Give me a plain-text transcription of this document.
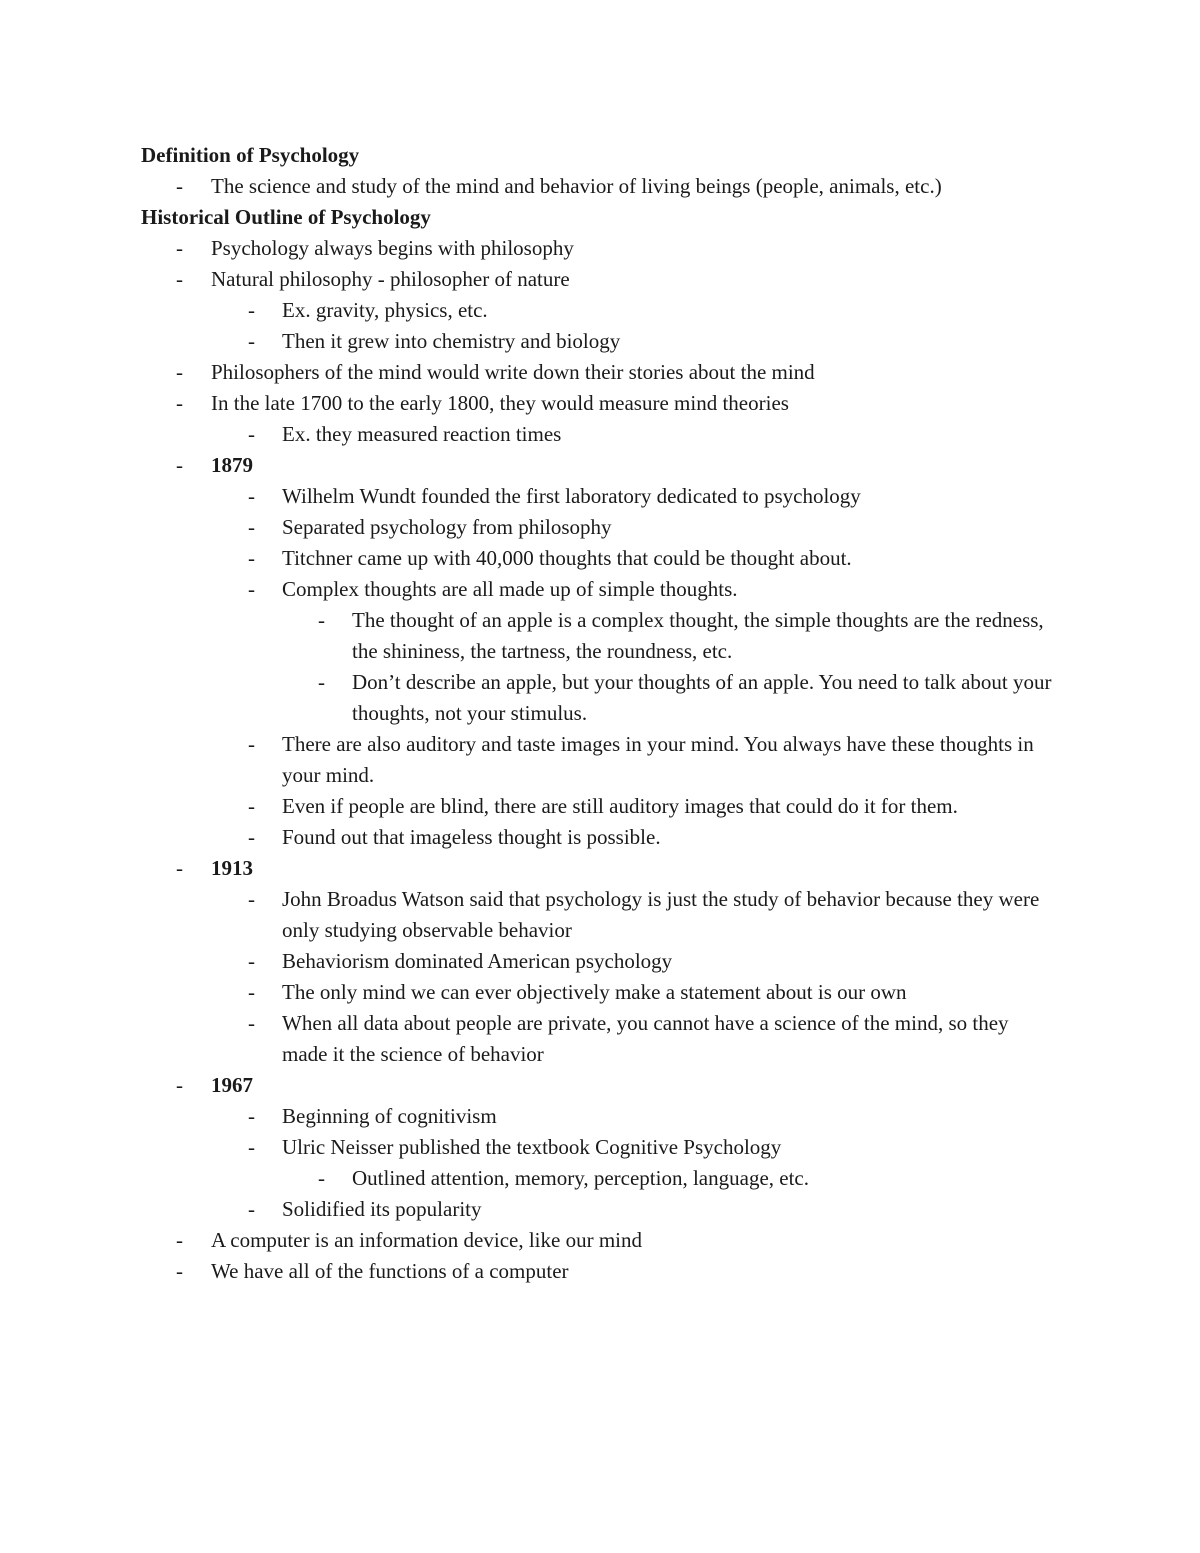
Definition of Psychology
- The science and study of the mind and behavior of living beings (people, animals, etc.)
Historical Outline of Psychology
- Psychology always begins with philosophy
- Natural philosophy - philosopher of nature
- Ex. gravity, physics, etc.
- Then it grew into chemistry and biology
- Philosophers of the mind would write down their stories about the mind
- In the late 1700 to the early 1800, they would measure mind theories
- Ex. they measured reaction times
- 1879
- Wilhelm Wundt founded the first laboratory dedicated to psychology
- Separated psychology from philosophy
- Titchner came up with 40,000 thoughts that could be thought about.
- Complex thoughts are all made up of simple thoughts.
- The thought of an apple is a complex thought, the simple thoughts are the redness, the shininess, the tartness, the roundness, etc.
- Don’t describe an apple, but your thoughts of an apple. You need to talk about your thoughts, not your stimulus.
- There are also auditory and taste images in your mind. You always have these thoughts in your mind.
- Even if people are blind, there are still auditory images that could do it for them.
- Found out that imageless thought is possible.
- 1913
- John Broadus Watson said that psychology is just the study of behavior because they were only studying observable behavior
- Behaviorism dominated American psychology
- The only mind we can ever objectively make a statement about is our own
- When all data about people are private, you cannot have a science of the mind, so they made it the science of behavior
- 1967
- Beginning of cognitivism
- Ulric Neisser published the textbook Cognitive Psychology
- Outlined attention, memory, perception, language, etc.
- Solidified its popularity
- A computer is an information device, like our mind
- We have all of the functions of a computer
